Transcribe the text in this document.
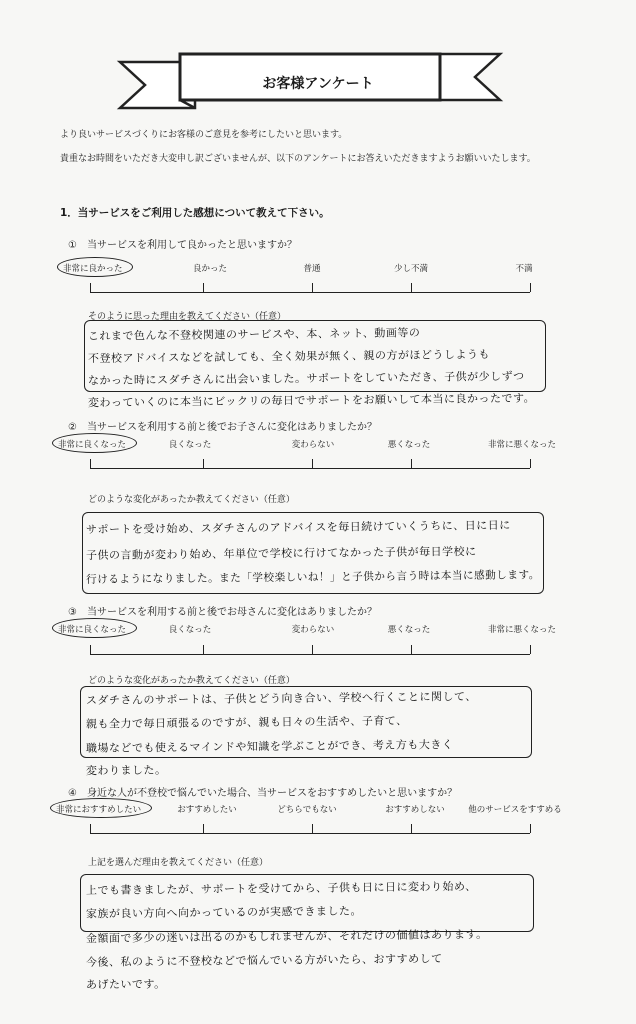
お客様アンケート
より良いサービスづくりにお客様のご意見を参考にしたいと思います。
貴重なお時間をいただき大変申し訳ございませんが、以下のアンケートにお答えいただきますようお願いいたします。
1．当サービスをご利用した感想について教えて下さい。
①　当サービスを利用して良かったと思いますか？
非常に良かった	良かった	普通	少し不満	不満
そのように思った理由を教えてください（任意）
これまで色んな不登校関連のサービスや、本、ネット、動画等の
不登校アドバイスなどを試しても、全く効果が無く、親の方がほどうしようも
なかった時にスダチさんに出会いました。サポートをしていただき、子供が少しずつ
変わっていくのに本当にビックリの毎日でサポートをお願いして本当に良かったです。
②　当サービスを利用する前と後でお子さんに変化はありましたか？
非常に良くなった	良くなった	変わらない	悪くなった	非常に悪くなった
どのような変化があったか教えてください（任意）
サポートを受け始め、スダチさんのアドバイスを毎日続けていくうちに、日に日に
子供の言動が変わり始め、年単位で学校に行けてなかった子供が毎日学校に
行けるようになりました。また「学校楽しいね！」と子供から言う時は本当に感動します。
③　当サービスを利用する前と後でお母さんに変化はありましたか？
非常に良くなった	良くなった	変わらない	悪くなった	非常に悪くなった
どのような変化があったか教えてください（任意）
スダチさんのサポートは、子供とどう向き合い、学校へ行くことに関して、
親も全力で毎日頑張るのですが、親も日々の生活や、子育て、
職場などでも使えるマインドや知識を学ぶことができ、考え方も大きく
変わりました。
④　身近な人が不登校で悩んでいた場合、当サービスをおすすめしたいと思いますか？
非常におすすめしたい	おすすめしたい	どちらでもない	おすすめしない	他のサービスをすすめる
上記を選んだ理由を教えてください（任意）
上でも書きましたが、サポートを受けてから、子供も日に日に変わり始め、
家族が良い方向へ向かっているのが実感できました。
金額面で多少の迷いは出るのかもしれませんが、それだけの価値はあります。
今後、私のように不登校などで悩んでいる方がいたら、おすすめして
あげたいです。
